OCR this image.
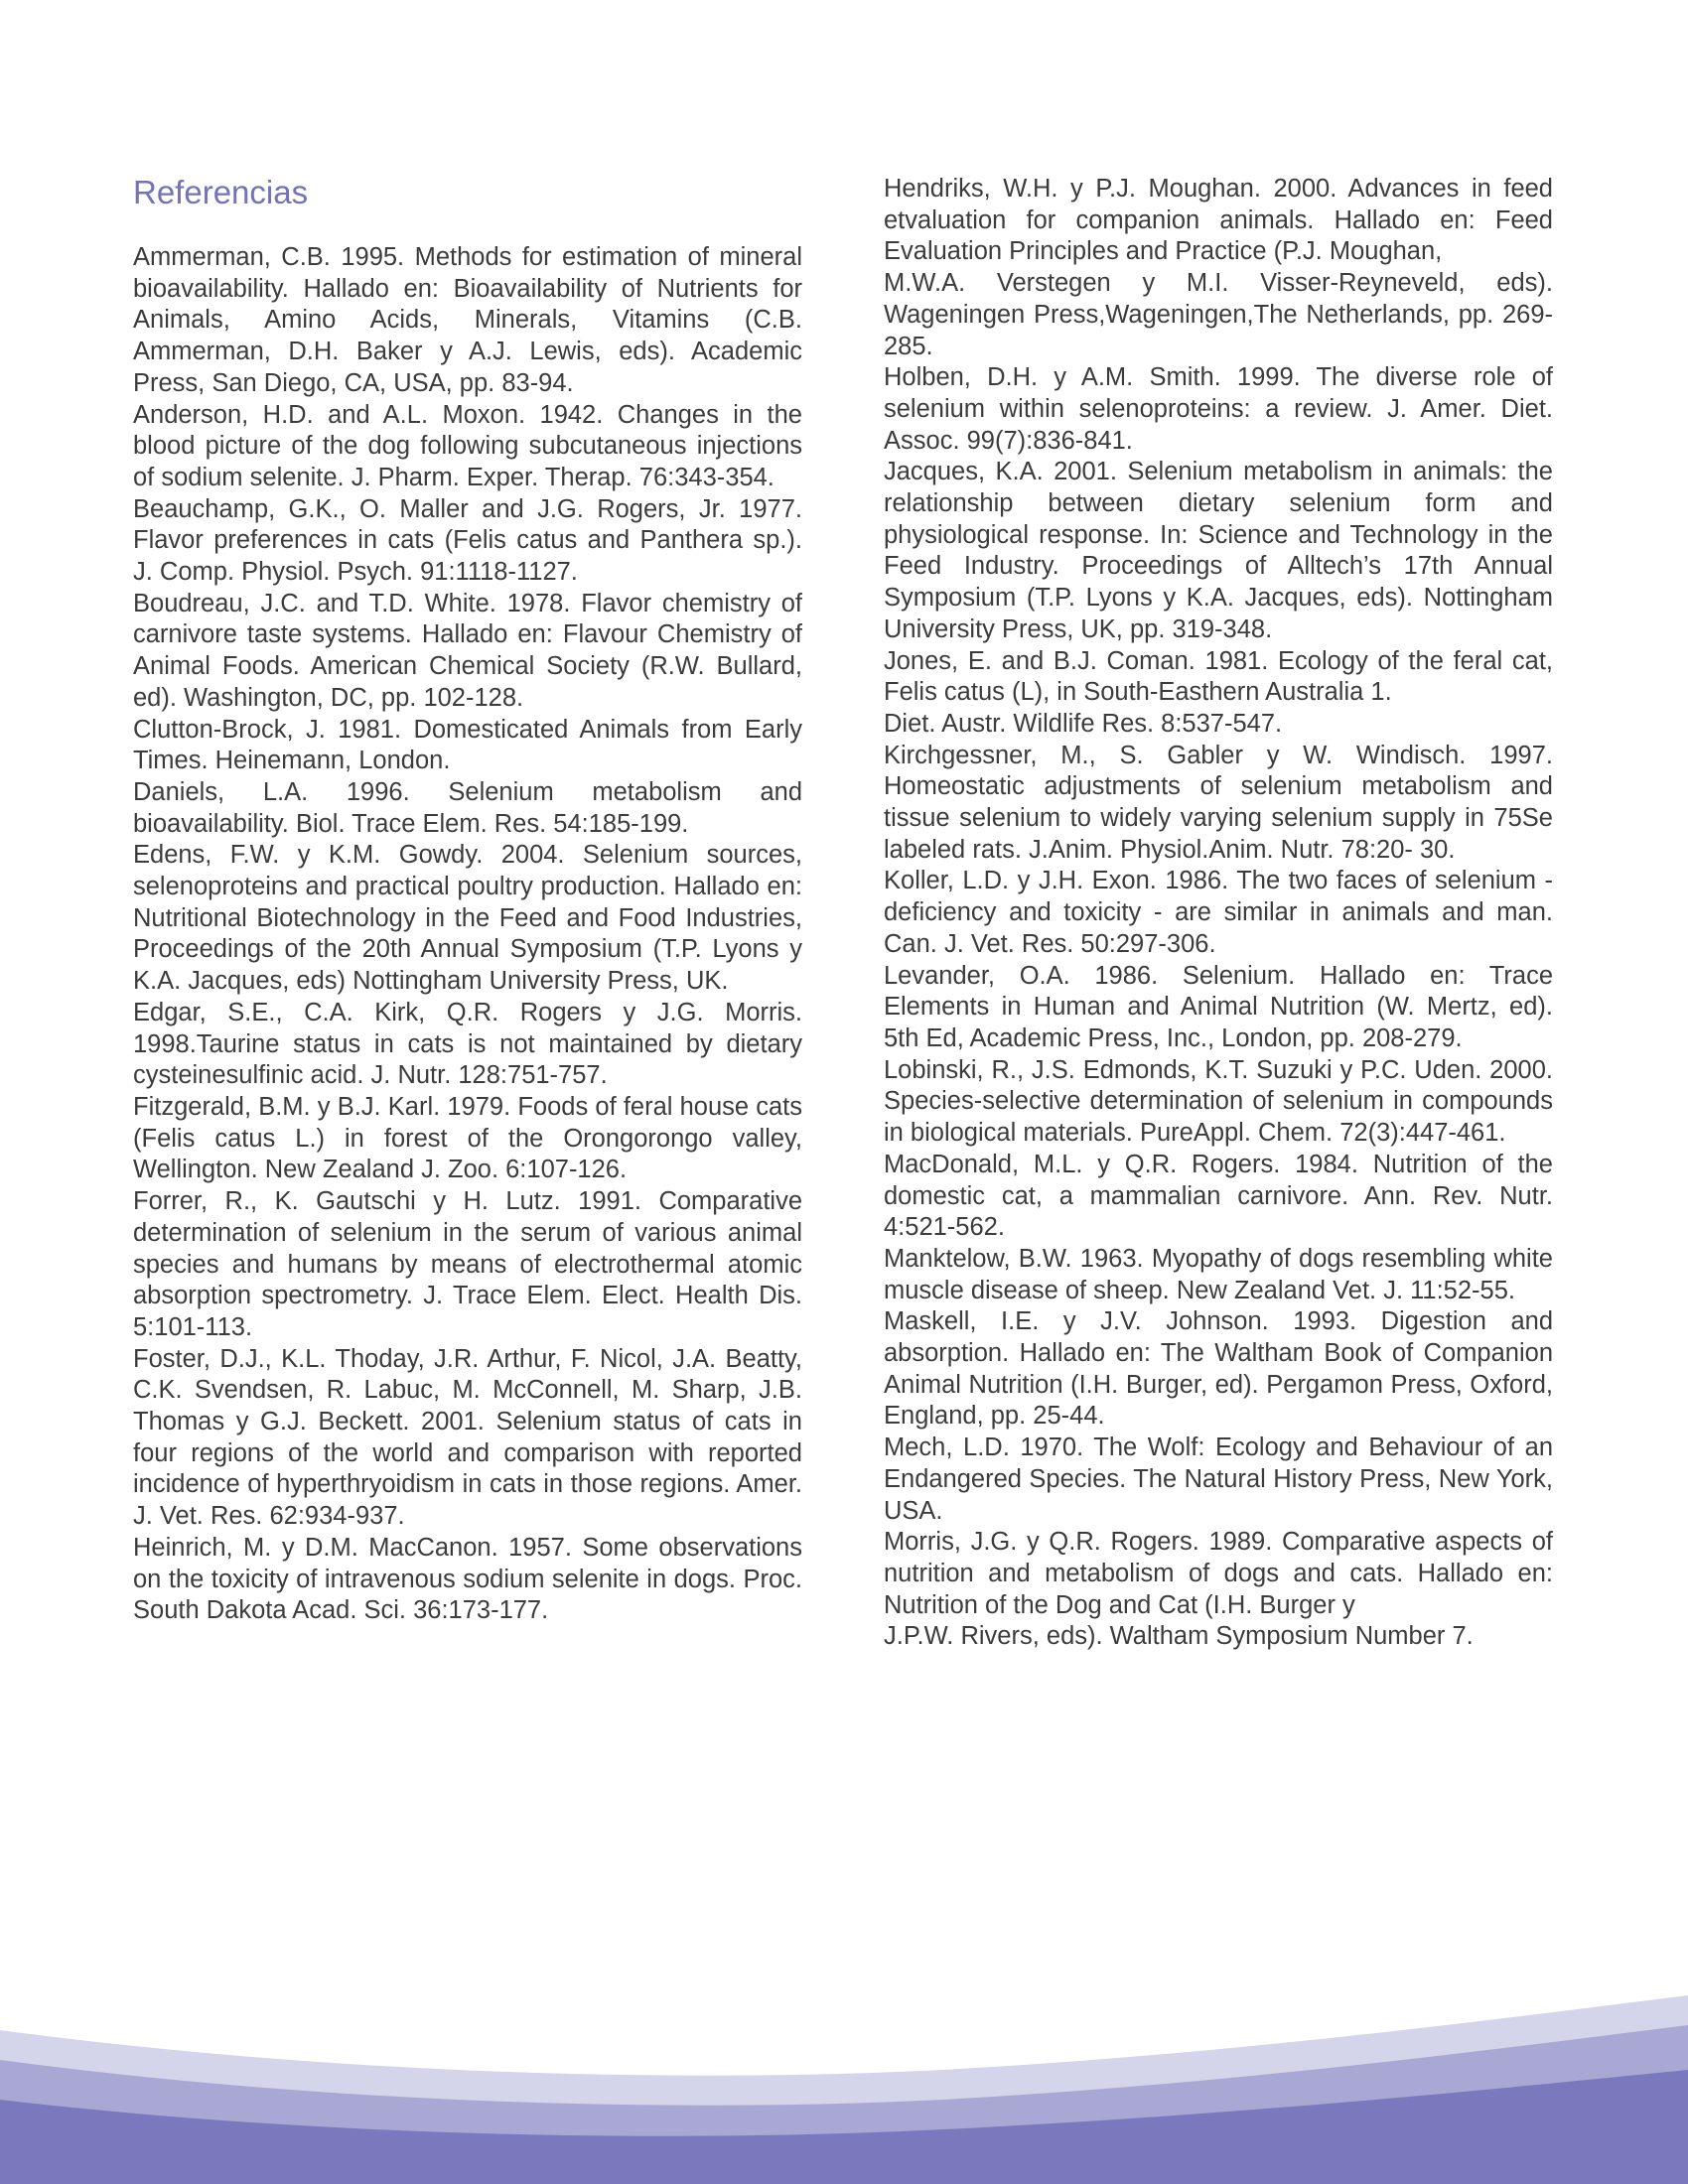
Referencias

Ammerman, C.B. 1995. Methods for estimation of mineral bioavailability. Hallado en: Bioavailability of Nutrients for Animals, Amino Acids, Minerals, Vitamins (C.B. Ammerman, D.H. Baker y A.J. Lewis, eds). Academic Press, San Diego, CA, USA, pp. 83-94.

Anderson, H.D. and A.L. Moxon. 1942. Changes in the blood picture of the dog following subcutaneous injections of sodium selenite. J. Pharm. Exper. Therap. 76:343-354.

Beauchamp, G.K., O. Maller and J.G. Rogers, Jr. 1977. Flavor preferences in cats (Felis catus and Panthera sp.). J. Comp. Physiol. Psych. 91:1118-1127.

Boudreau, J.C. and T.D. White. 1978. Flavor chemistry of carnivore taste systems. Hallado en: Flavour Chemistry of Animal Foods. American Chemical Society (R.W. Bullard, ed). Washington, DC, pp. 102-128.

Clutton-Brock, J. 1981. Domesticated Animals from Early Times. Heinemann, London.

Daniels, L.A. 1996. Selenium metabolism and bioavailability. Biol. Trace Elem. Res. 54:185-199.

Edens, F.W. y K.M. Gowdy. 2004. Selenium sources, selenoproteins and practical poultry production. Hallado en: Nutritional Biotechnology in the Feed and Food Industries, Proceedings of the 20th Annual Symposium (T.P. Lyons y K.A. Jacques, eds) Nottingham University Press, UK.

Edgar, S.E., C.A. Kirk, Q.R. Rogers y J.G. Morris. 1998.Taurine status in cats is not maintained by dietary cysteinesulfinic acid. J. Nutr. 128:751-757.

Fitzgerald, B.M. y B.J. Karl. 1979. Foods of feral house cats (Felis catus L.) in forest of the Orongorongo valley, Wellington. New Zealand J. Zoo. 6:107-126.

Forrer, R., K. Gautschi y H. Lutz. 1991. Comparative determination of selenium in the serum of various animal species and humans by means of electrothermal atomic absorption spectrometry. J. Trace Elem. Elect. Health Dis. 5:101-113.

Foster, D.J., K.L. Thoday, J.R. Arthur, F. Nicol, J.A. Beatty, C.K. Svendsen, R. Labuc, M. McConnell, M. Sharp, J.B. Thomas y G.J. Beckett. 2001. Selenium status of cats in four regions of the world and comparison with reported incidence of hyperthryoidism in cats in those regions. Amer. J. Vet. Res. 62:934-937.

Heinrich, M. y D.M. MacCanon. 1957. Some observations on the toxicity of intravenous sodium selenite in dogs. Proc. South Dakota Acad. Sci. 36:173-177.

Hendriks, W.H. y P.J. Moughan. 2000. Advances in feed etvaluation for companion animals. Hallado en: Feed Evaluation Principles and Practice (P.J. Moughan,

M.W.A. Verstegen y M.I. Visser-Reyneveld, eds). Wageningen Press,Wageningen,The Netherlands, pp. 269-285.

Holben, D.H. y A.M. Smith. 1999. The diverse role of selenium within selenoproteins: a review. J. Amer. Diet. Assoc. 99(7):836-841.

Jacques, K.A. 2001. Selenium metabolism in animals: the relationship between dietary selenium form and physiological response. In: Science and Technology in the Feed Industry. Proceedings of Alltech’s 17th Annual Symposium (T.P. Lyons y K.A. Jacques, eds). Nottingham University Press, UK, pp. 319-348.

Jones, E. and B.J. Coman. 1981. Ecology of the feral cat, Felis catus (L), in South-Easthern Australia 1.

Diet. Austr. Wildlife Res. 8:537-547.

Kirchgessner, M., S. Gabler y W. Windisch. 1997. Homeostatic adjustments of selenium metabolism and tissue selenium to widely varying selenium supply in 75Se labeled rats. J.Anim. Physiol.Anim. Nutr. 78:20- 30.

Koller, L.D. y J.H. Exon. 1986. The two faces of selenium - deficiency and toxicity - are similar in animals and man. Can. J. Vet. Res. 50:297-306.

Levander, O.A. 1986. Selenium. Hallado en: Trace Elements in Human and Animal Nutrition (W. Mertz, ed). 5th Ed, Academic Press, Inc., London, pp. 208-279.

Lobinski, R., J.S. Edmonds, K.T. Suzuki y P.C. Uden. 2000. Species-selective determination of selenium in compounds in biological materials. PureAppl. Chem. 72(3):447-461.

MacDonald, M.L. y Q.R. Rogers. 1984. Nutrition of the domestic cat, a mammalian carnivore. Ann. Rev. Nutr. 4:521-562.

Manktelow, B.W. 1963. Myopathy of dogs resembling white muscle disease of sheep. New Zealand Vet. J. 11:52-55.

Maskell, I.E. y J.V. Johnson. 1993. Digestion and absorption. Hallado en: The Waltham Book of Companion Animal Nutrition (I.H. Burger, ed). Pergamon Press, Oxford, England, pp. 25-44.

Mech, L.D. 1970. The Wolf: Ecology and Behaviour of an Endangered Species. The Natural History Press, New York, USA.

Morris, J.G. y Q.R. Rogers. 1989. Comparative aspects of nutrition and metabolism of dogs and cats. Hallado en: Nutrition of the Dog and Cat (I.H. Burger y

J.P.W. Rivers, eds). Waltham Symposium Number 7.
